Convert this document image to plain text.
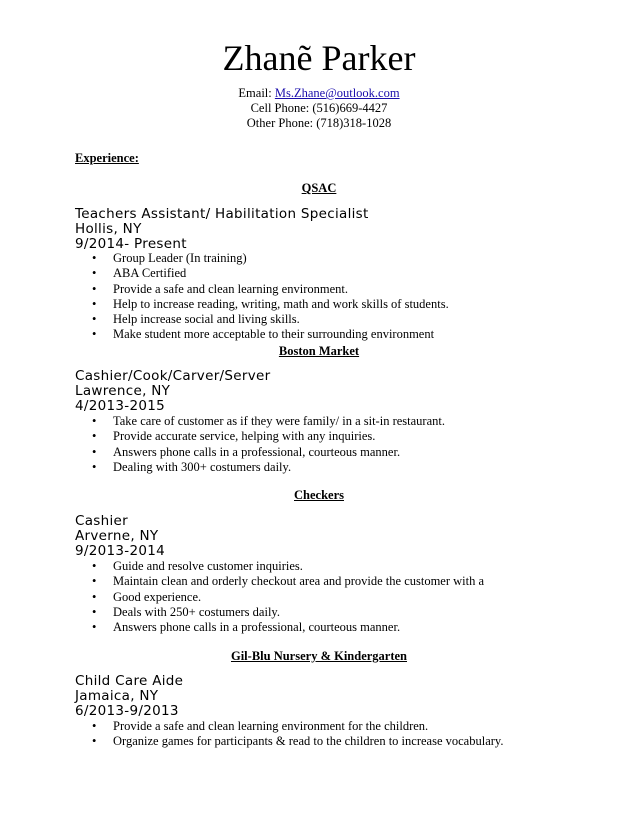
Zhanẽ Parker
Email: Ms.Zhane@outlook.com
Cell Phone: (516)669-4427
Other Phone: (718)318-1028
Experience:
QSAC
Teachers Assistant/ Habilitation Specialist
Hollis, NY
9/2014- Present
• Group Leader (In training)
• ABA Certified
• Provide a safe and clean learning environment.
• Help to increase reading, writing, math and work skills of students.
• Help increase social and living skills.
• Make student more acceptable to their surrounding environment
Boston Market
Cashier/Cook/Carver/Server
Lawrence, NY
4/2013-2015
• Take care of customer as if they were family/ in a sit-in restaurant.
• Provide accurate service, helping with any inquiries.
• Answers phone calls in a professional, courteous manner.
• Dealing with 300+ costumers daily.
Checkers
Cashier
Arverne, NY
9/2013-2014
• Guide and resolve customer inquiries.
• Maintain clean and orderly checkout area and provide the customer with a
• Good experience.
• Deals with 250+ costumers daily.
• Answers phone calls in a professional, courteous manner.
Gil-Blu Nursery & Kindergarten
Child Care Aide
Jamaica, NY
6/2013-9/2013
• Provide a safe and clean learning environment for the children.
• Organize games for participants & read to the children to increase vocabulary.
